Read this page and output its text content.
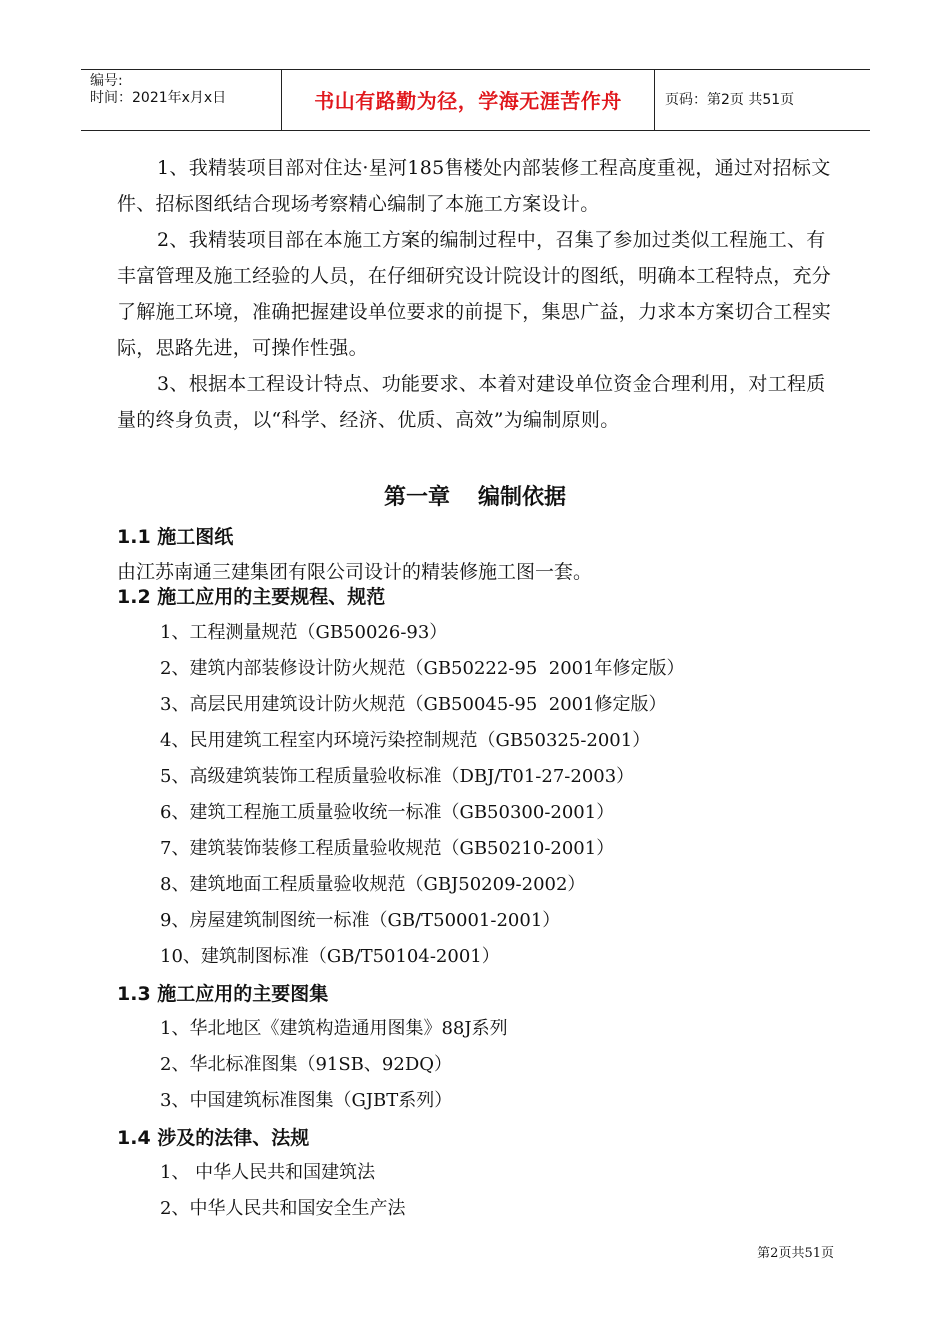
编号:
时间：2021年x月x日	书山有路勤为径，学海无涯苦作舟	页码：第2页 共51页

1、我精装项目部对住达·星河185售楼处内部装修工程高度重视，通过对招标文件、招标图纸结合现场考察精心编制了本施工方案设计。

2、我精装项目部在本施工方案的编制过程中，召集了参加过类似工程施工、有丰富管理及施工经验的人员，在仔细研究设计院设计的图纸，明确本工程特点，充分了解施工环境，准确把握建设单位要求的前提下，集思广益，力求本方案切合工程实际，思路先进，可操作性强。

3、根据本工程设计特点、功能要求、本着对建设单位资金合理利用，对工程质量的终身负责，以“科学、经济、优质、高效”为编制原则。

第一章 编制依据
1.1 施工图纸
由江苏南通三建集团有限公司设计的精装修施工图一套。
1.2 施工应用的主要规程、规范
1、工程测量规范（GB50026-93）
2、建筑内部装修设计防火规范（GB50222-95  2001年修定版）
3、高层民用建筑设计防火规范（GB50045-95  2001修定版）
4、民用建筑工程室内环境污染控制规范（GB50325-2001）
5、高级建筑装饰工程质量验收标准（DBJ/T01-27-2003）
6、建筑工程施工质量验收统一标准（GB50300-2001）
7、建筑装饰装修工程质量验收规范（GB50210-2001）
8、建筑地面工程质量验收规范（GBJ50209-2002）
9、房屋建筑制图统一标准（GB/T50001-2001）
10、建筑制图标准（GB/T50104-2001）
1.3 施工应用的主要图集
1、华北地区《建筑构造通用图集》88J系列
2、华北标准图集（91SB、92DQ）
3、中国建筑标准图集（GJBT系列）
1.4 涉及的法律、法规
1、 中华人民共和国建筑法
2、中华人民共和国安全生产法
第2页共51页
